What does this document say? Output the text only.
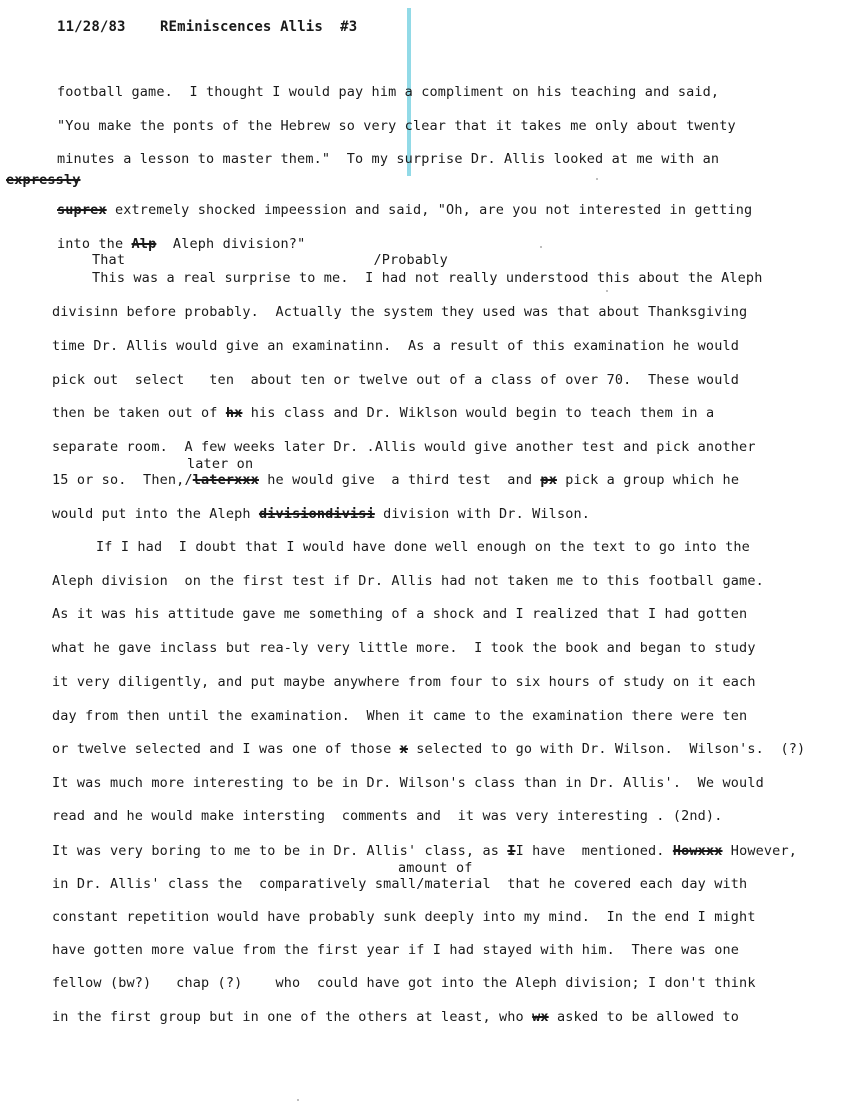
11/28/83 REminiscences Allis #3
football game.  I thought I would pay him a compliment on his teaching and said,
"You make the ponts of the Hebrew so very clear that it takes me only about twenty
minutes a lesson to master them."  To my surprise Dr. Allis looked at me with an
expressly
suprex extremely shocked impeession and said, "Oh, are you not interested in getting
into the Alp Aleph division?"
That                              /Probably
This was a real surprise to me.  I had not really understood this about the Aleph
divisinn before probably.  Actually the system they used was that about Thanksgiving
time Dr. Allis would give an examinatinn.  As a result of this examination he would
pick out  select   ten  about ten or twelve out of a class of over 70.  These would
then be taken out of hx his class and Dr. Wiklson would begin to teach them in a
separate room.  A few weeks later Dr. .Allis would give another test and pick another
later on
15 or so.  Then,/laterxxx he would give  a third test  and px pick a group which he
would put into the Aleph divisiondivisi division with Dr. Wilson.
If I had  I doubt that I would have done well enough on the text to go into the
Aleph division  on the first test if Dr. Allis had not taken me to this football game.
As it was his attitude gave me something of a shock and I realized that I had gotten
what he gave inclass but rea-ly very little more.  I took the book and began to study
it very diligently, and put maybe anywhere from four to six hours of study on it each
day from then until the examination.  When it came to the examination there were ten
or twelve selected and I was one of those x selected to go with Dr. Wilson.  Wilson's.  (?)
It was much more interesting to be in Dr. Wilson's class than in Dr. Allis'.  We would
read and he would make intersting  comments and  it was very interesting . (2nd).
It was very boring to me to be in Dr. Allis' class, as II have  mentioned. Howxxx However,
amount of
in Dr. Allis' class the  comparatively small/material  that he covered each day with
constant repetition would have probably sunk deeply into my mind.  In the end I might
have gotten more value from the first year if I had stayed with him.  There was one
fellow (bw?)   chap (?)    who  could have got into the Aleph division; I don't think
in the first group but in one of the others at least, who wx asked to be allowed to
